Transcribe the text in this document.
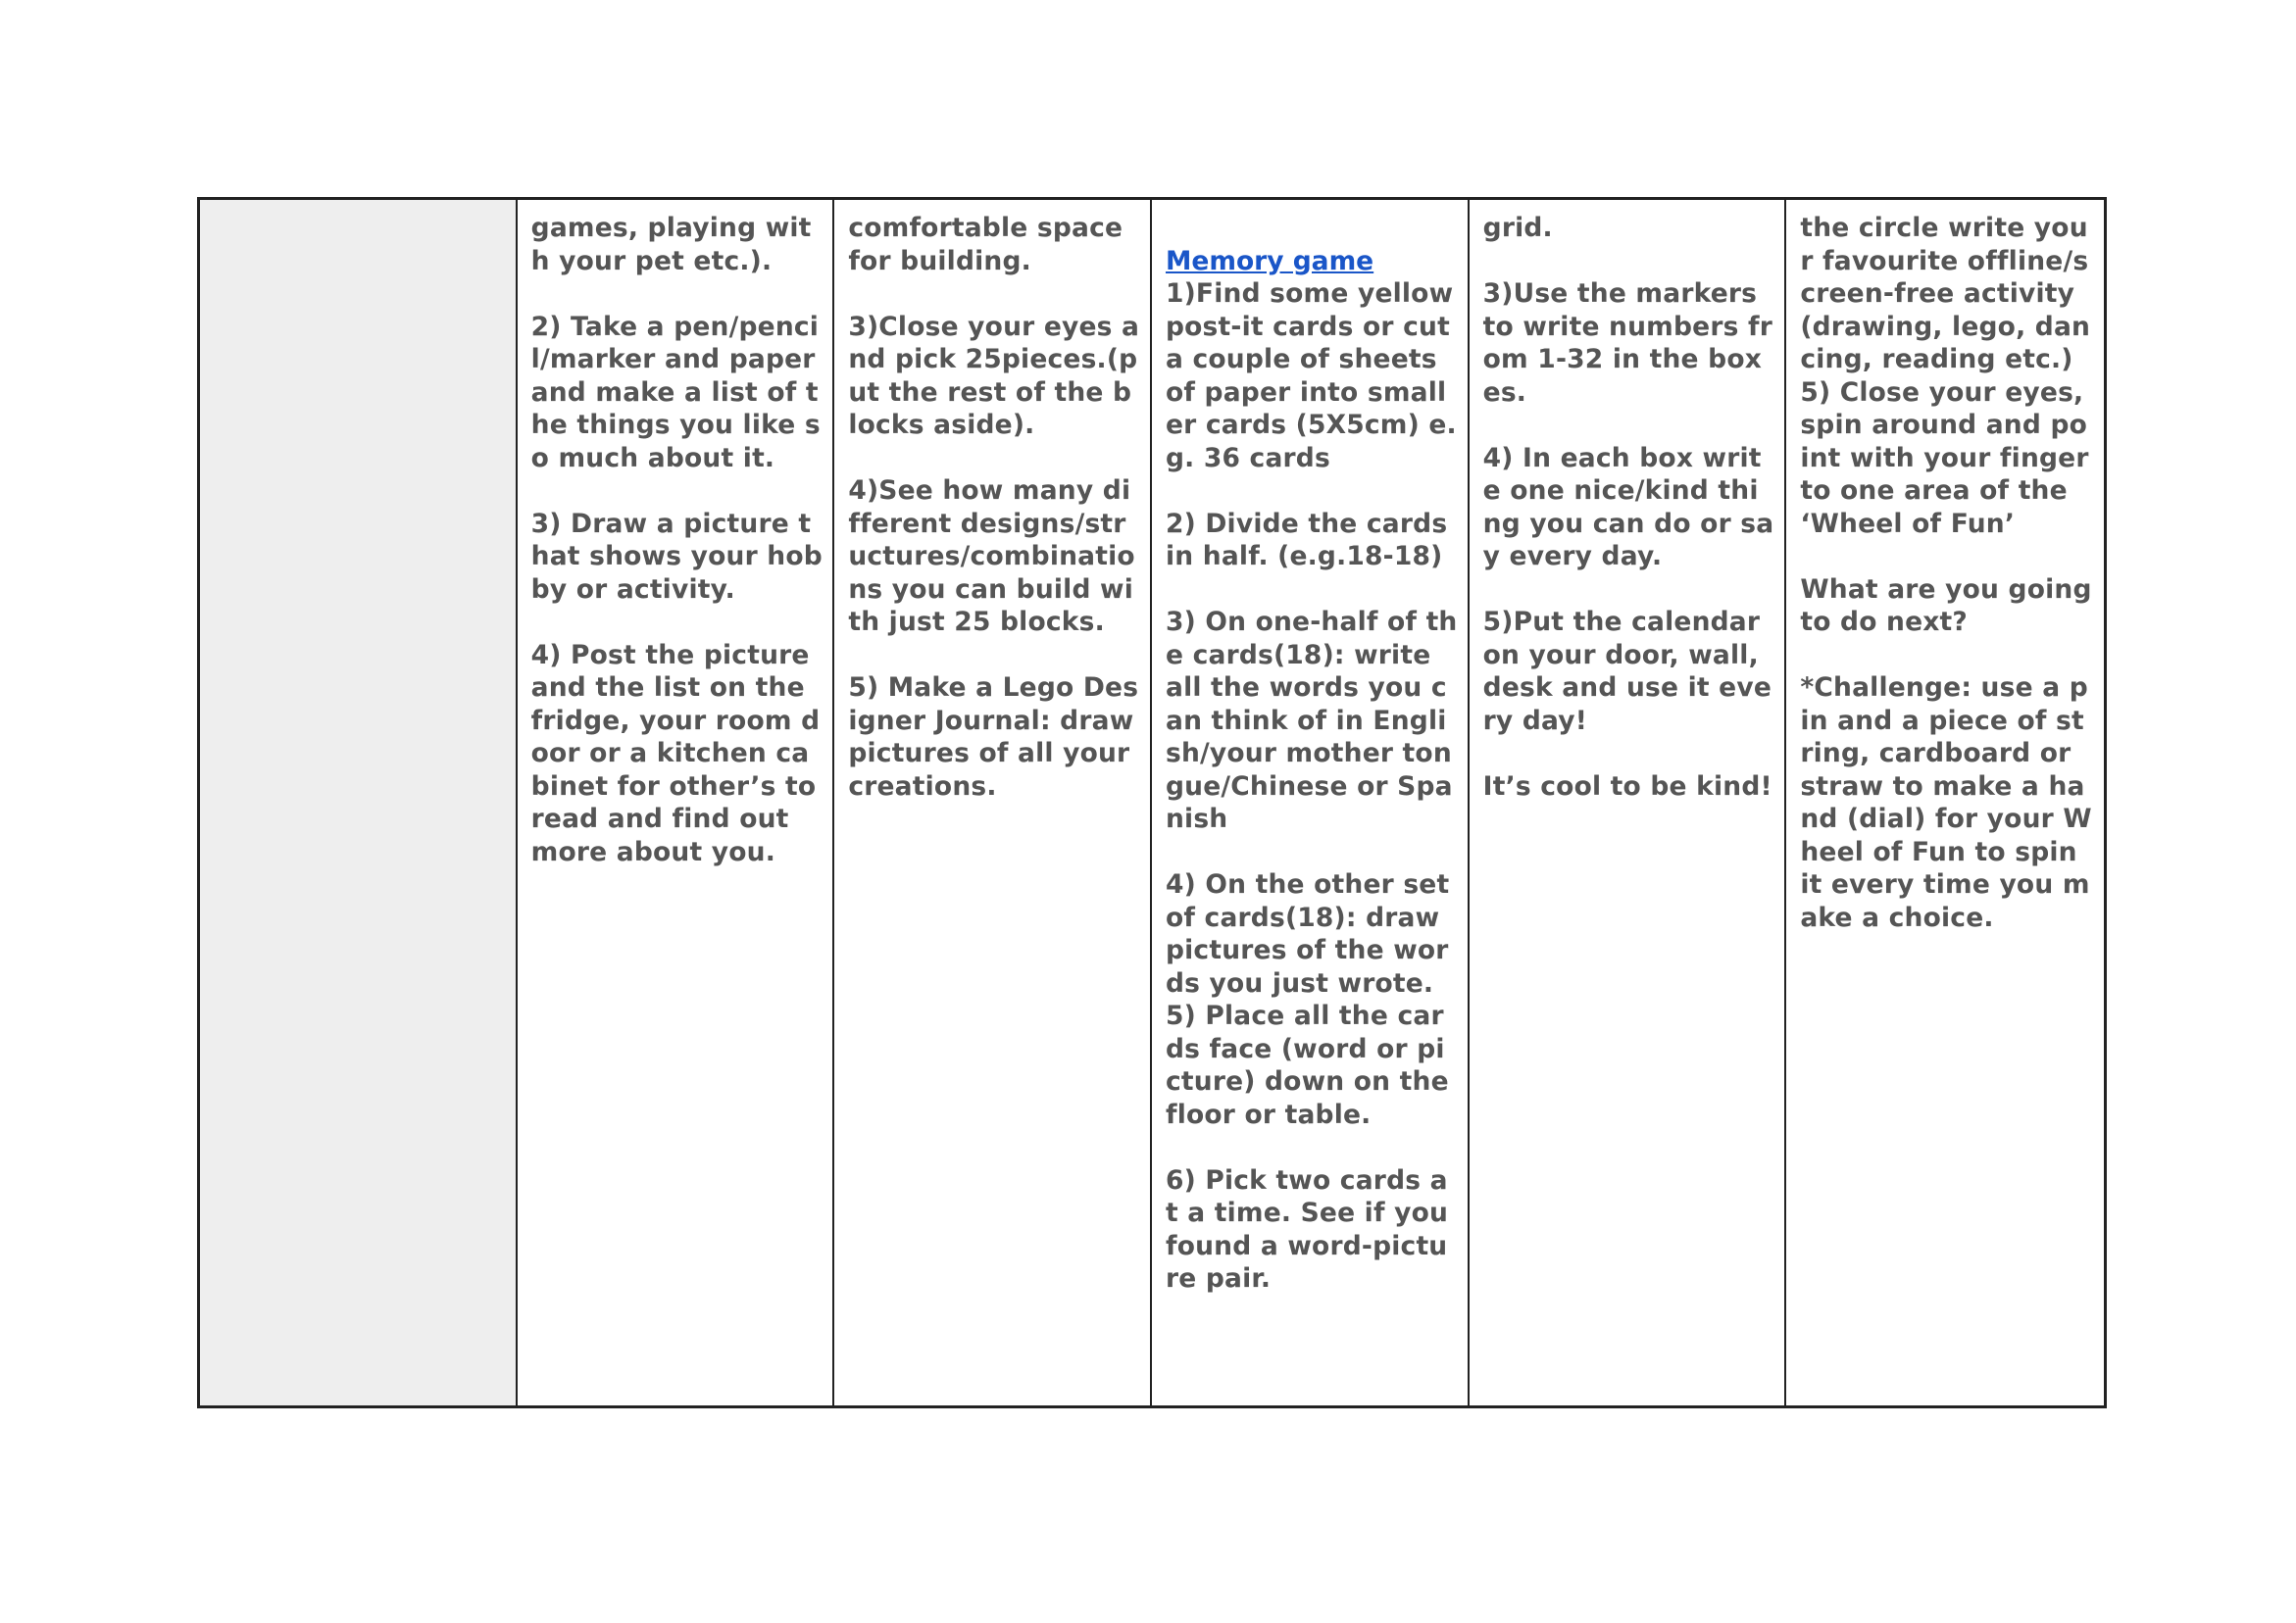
games, playing with your pet etc.).

2) Take a pen/pencil/marker and paper and make a list of the things you like so much about it.

3) Draw a picture that shows your hobby or activity.

4) Post the picture and the list on the fridge, your room door or a kitchen cabinet for other’s to read and find out more about you.

comfortable space for building.

3)Close your eyes and pick 25pieces.(put the rest of the blocks aside).

4)See how many different designs/structures/combinations you can build with just 25 blocks.

5) Make a Lego Designer Journal: draw pictures of all your creations.

Memory game

1)Find some yellow post-it cards or cut a couple of sheets of paper into smaller cards (5X5cm) e.g. 36 cards

2) Divide the cards in half. (e.g.18-18)

3) On one-half of the cards(18): write all the words you can think of in English/your mother tongue/Chinese or Spanish

4) On the other set of cards(18): draw pictures of the words you just wrote.

5) Place all the cards face (word or picture) down on the floor or table.

6) Pick two cards at a time. See if you found a word-picture pair.

grid.

3)Use the markers to write numbers from 1-32 in the boxes.

4) In each box write one nice/kind thing you can do or say every day.

5)Put the calendar on your door, wall, desk and use it every day!

It’s cool to be kind!

the circle write your favourite offline/screen-free activity (drawing, lego, dancing, reading etc.)

5) Close your eyes, spin around and point with your finger to one area of the ‘Wheel of Fun’

What are you going to do next?

*Challenge: use a pin and a piece of string, cardboard or straw to make a hand (dial) for your Wheel of Fun to spin it every time you make a choice.
